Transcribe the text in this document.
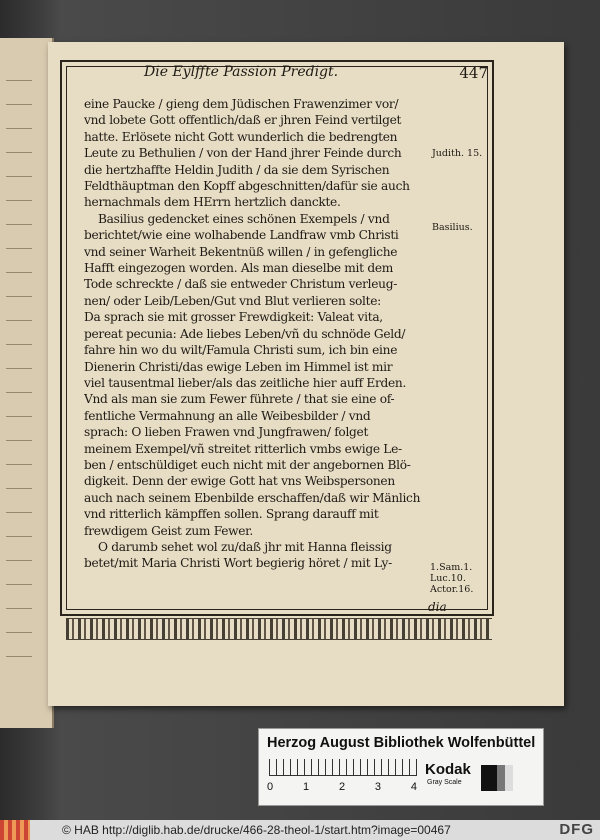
Die Eylffte Passion Predigt.	447
eine Paucke / gieng dem Jüdischen Frawenzimer vor/
vnd lobete Gott offentlich/daß er jhren Feind vertilget
hatte. Erlösete nicht Gott wunderlich die bedrengten
Leute zu Bethulien / von der Hand jhrer Feinde durch
die hertzhaffte Heldin Judith / da sie dem Syrischen
Feldthäuptman den Kopff abgeschnitten/dafür sie auch
hernachmals dem HErrn hertzlich danckte.
Basilius gedencket eines schönen Exempels / vnd
berichtet/wie eine wolhabende Landfraw vmb Christi
vnd seiner Warheit Bekentnüß willen / in gefengliche
Hafft eingezogen worden. Als man dieselbe mit dem
Tode schreckte / daß sie entweder Christum verleug-
nen/ oder Leib/Leben/Gut vnd Blut verlieren solte:
Da sprach sie mit grosser Frewdigkeit: Valeat vita,
pereat pecunia: Ade liebes Leben/vñ du schnöde Geld/
fahre hin wo du wilt/Famula Christi sum, ich bin eine
Dienerin Christi/das ewige Leben im Himmel ist mir
viel tausentmal lieber/als das zeitliche hier auff Erden.
Vnd als man sie zum Fewer führete / that sie eine of-
fentliche Vermahnung an alle Weibesbilder / vnd
sprach: O lieben Frawen vnd Jungfrawen/ folget
meinem Exempel/vñ streitet ritterlich vmbs ewige Le-
ben / entschüldiget euch nicht mit der angebornen Blö-
digkeit. Denn der ewige Gott hat vns Weibspersonen
auch nach seinem Ebenbilde erschaffen/daß wir Mänlich
vnd ritterlich kämpffen sollen. Sprang darauff mit
frewdigem Geist zum Fewer.
O darumb sehet wol zu/daß jhr mit Hanna fleissig
betet/mit Maria Christi Wort begierig höret / mit Ly-
Judith. 15.
Basilius.
1.Sam.1.
Luc.10.
Actor.16.
dia
Herzog August Bibliothek Wolfenbüttel
0	1	2	3	4
Kodak
Gray Scale
© HAB http://diglib.hab.de/drucke/466-28-theol-1/start.htm?image=00467	DFG
